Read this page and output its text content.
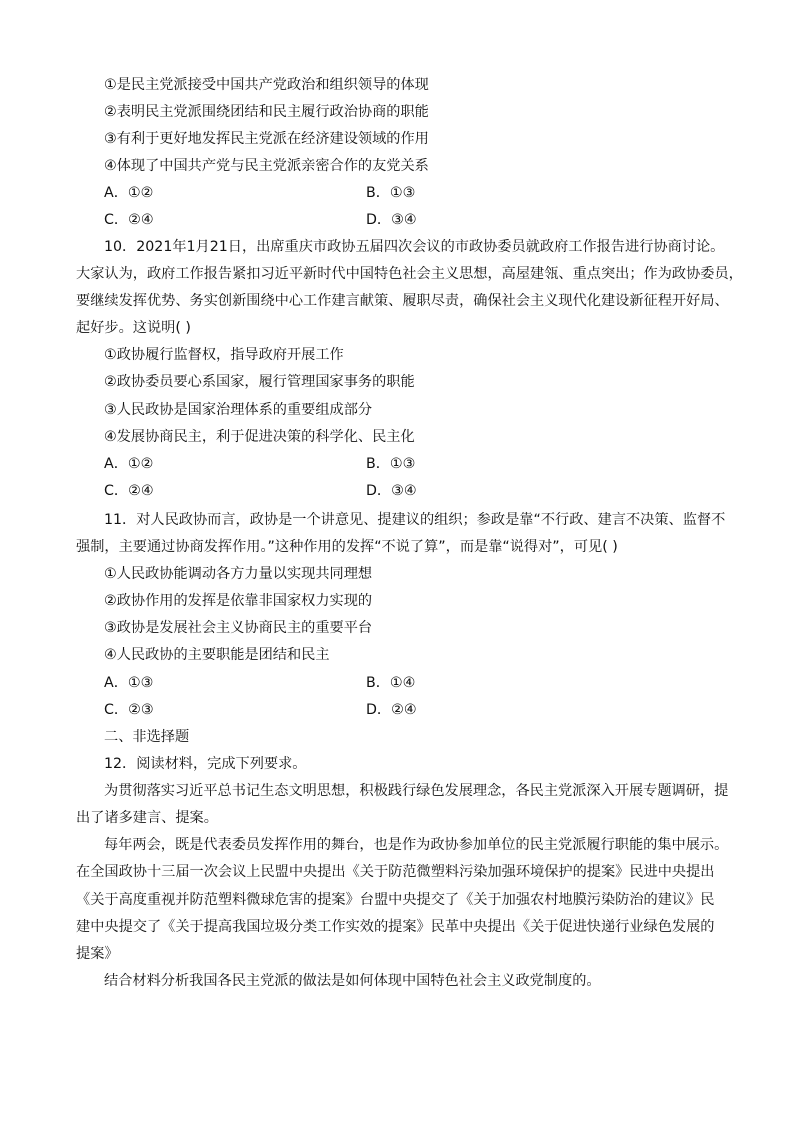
①是民主党派接受中国共产党政治和组织领导的体现
②表明民主党派围绕团结和民主履行政治协商的职能
③有利于更好地发挥民主党派在经济建设领域的作用
④体现了中国共产党与民主党派亲密合作的友党关系
A．①②	B．①③
C．②④	D．③④
10．2021年1月21日，出席重庆市政协五届四次会议的市政协委员就政府工作报告进行协商讨论。
大家认为，政府工作报告紧扣习近平新时代中国特色社会主义思想，高屋建瓴、重点突出；作为政协委员，
要继续发挥优势、务实创新围绕中心工作建言献策、履职尽责，确保社会主义现代化建设新征程开好局、
起好步。这说明( )
①政协履行监督权，指导政府开展工作
②政协委员要心系国家，履行管理国家事务的职能
③人民政协是国家治理体系的重要组成部分
④发展协商民主，利于促进决策的科学化、民主化
A．①②	B．①③
C．②④	D．③④
11．对人民政协而言，政协是一个讲意见、提建议的组织；参政是靠“不行政、建言不决策、监督不
强制，主要通过协商发挥作用。”这种作用的发挥“不说了算”，而是靠“说得对”，可见( )
①人民政协能调动各方力量以实现共同理想
②政协作用的发挥是依靠非国家权力实现的
③政协是发展社会主义协商民主的重要平台
④人民政协的主要职能是团结和民主
A．①③	B．①④
C．②③	D．②④
二、非选择题
12．阅读材料，完成下列要求。
为贯彻落实习近平总书记生态文明思想，积极践行绿色发展理念，各民主党派深入开展专题调研，提
出了诸多建言、提案。
每年两会，既是代表委员发挥作用的舞台，也是作为政协参加单位的民主党派履行职能的集中展示。
在全国政协十三届一次会议上民盟中央提出《关于防范微塑料污染加强环境保护的提案》民进中央提出
《关于高度重视并防范塑料微球危害的提案》台盟中央提交了《关于加强农村地膜污染防治的建议》民
建中央提交了《关于提高我国垃圾分类工作实效的提案》民革中央提出《关于促进快递行业绿色发展的
提案》
结合材料分析我国各民主党派的做法是如何体现中国特色社会主义政党制度的。
